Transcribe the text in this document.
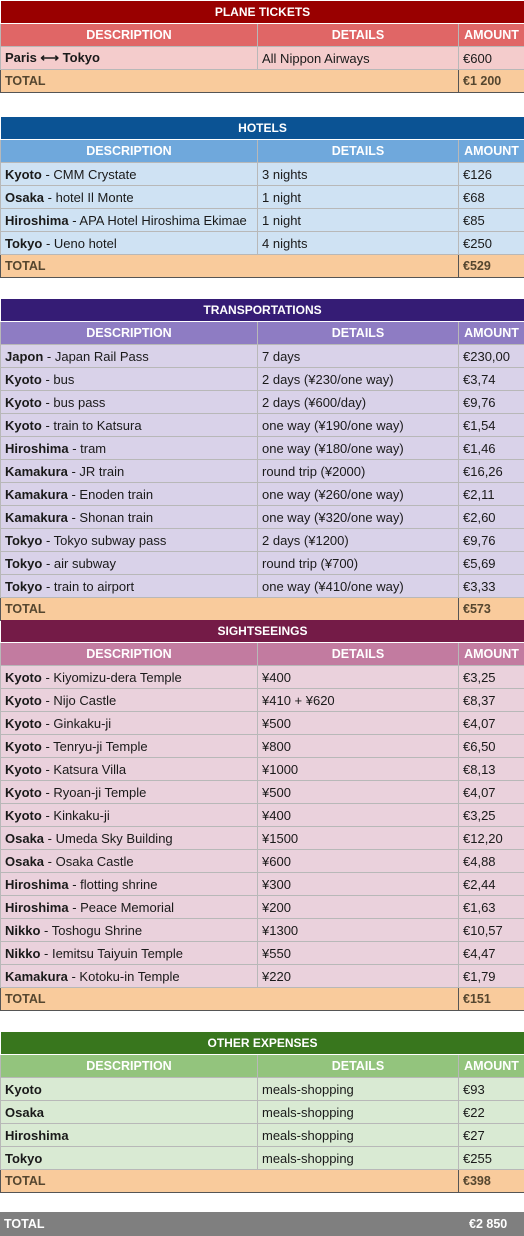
PLANE TICKETS		
DESCRIPTION	DETAILS	AMOUNT
Paris ⟷ Tokyo	All Nippon Airways	€600
TOTAL		€1 200
HOTELS		
DESCRIPTION	DETAILS	AMOUNT
Kyoto - CMM Crystate	3 nights	€126
Osaka - hotel Il Monte	1 night	€68
Hiroshima - APA Hotel Hiroshima Ekimae	1 night	€85
Tokyo - Ueno hotel	4 nights	€250
TOTAL		€529
TRANSPORTATIONS		
DESCRIPTION	DETAILS	AMOUNT
Japon - Japan Rail Pass	7 days	€230,00
Kyoto - bus	2 days (¥230/one way)	€3,74
Kyoto - bus pass	2 days (¥600/day)	€9,76
Kyoto - train to Katsura	one way (¥190/one way)	€1,54
Hiroshima - tram	one way (¥180/one way)	€1,46
Kamakura - JR train	round trip (¥2000)	€16,26
Kamakura - Enoden train	one way (¥260/one way)	€2,11
Kamakura - Shonan train	one way (¥320/one way)	€2,60
Tokyo - Tokyo subway pass	2 days (¥1200)	€9,76
Tokyo - air subway	round trip (¥700)	€5,69
Tokyo - train to airport	one way (¥410/one way)	€3,33
TOTAL		€573
SIGHTSEEINGS		
DESCRIPTION	DETAILS	AMOUNT
Kyoto - Kiyomizu-dera Temple	¥400	€3,25
Kyoto - Nijo Castle	¥410 + ¥620	€8,37
Kyoto - Ginkaku-ji	¥500	€4,07
Kyoto - Tenryu-ji Temple	¥800	€6,50
Kyoto - Katsura Villa	¥1000	€8,13
Kyoto - Ryoan-ji Temple	¥500	€4,07
Kyoto - Kinkaku-ji	¥400	€3,25
Osaka - Umeda Sky Building	¥1500	€12,20
Osaka - Osaka Castle	¥600	€4,88
Hiroshima - flotting shrine	¥300	€2,44
Hiroshima - Peace Memorial	¥200	€1,63
Nikko - Toshogu Shrine	¥1300	€10,57
Nikko - Iemitsu Taiyuin Temple	¥550	€4,47
Kamakura - Kotoku-in Temple	¥220	€1,79
TOTAL		€151
OTHER EXPENSES		
DESCRIPTION	DETAILS	AMOUNT
Kyoto	meals-shopping	€93
Osaka	meals-shopping	€22
Hiroshima	meals-shopping	€27
Tokyo	meals-shopping	€255
TOTAL		€398
TOTAL	€2 850
